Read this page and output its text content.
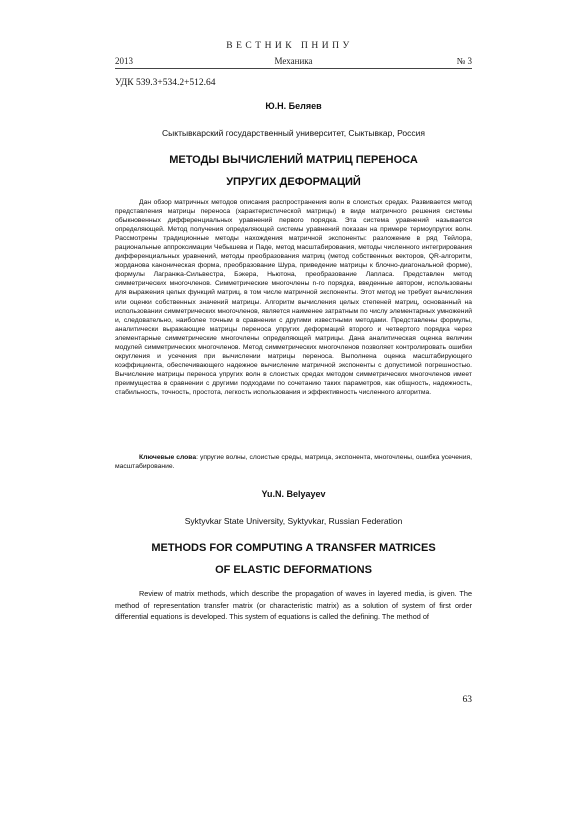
ВЕСТНИК ПНИПУ
2013	Механика	№ 3
УДК 539.3+534.2+512.64
Ю.Н. Беляев
Сыктывкарский государственный университет, Сыктывкар, Россия
МЕТОДЫ ВЫЧИСЛЕНИЙ МАТРИЦ ПЕРЕНОСА
УПРУГИХ ДЕФОРМАЦИЙ

Дан обзор матричных методов описания распространения волн в слоистых средах. Развивается метод представления матрицы переноса (характеристической матрицы) в виде матричного решения системы обыкновенных дифференциальных уравнений первого порядка. Эта система уравнений называется определяющей. Метод получения определяющей системы уравнений показан на примере термоупругих волн. Рассмотрены традиционные методы нахождения матричной экспоненты: разложение в ряд Тейлора, рациональные аппроксимации Чебышева и Паде, метод масштабирования, методы численного интегрирования дифференциальных уравнений, методы преобразования матриц (метод собственных векторов, QR-алгоритм, жорданова каноническая форма, преобразование Шура, приведение матрицы к блочно-диагональной форме), формулы Лагранжа-Сильвестра, Бэкера, Ньютона, преобразование Лапласа. Представлен метод симметрических многочленов. Симметрические многочлены n-го порядка, введенные автором, использованы для выражения целых функций матриц, в том числе матричной экспоненты. Этот метод не требует вычисления или оценки собственных значений матрицы. Алгоритм вычисления целых степеней матриц, основанный на использовании симметрических многочленов, является наименее затратным по числу элементарных умножений и, следовательно, наиболее точным в сравнении с другими известными методами. Представлены формулы, аналитически выражающие матрицы переноса упругих деформаций второго и четвертого порядка через элементарные симметрические многочлены определяющей матрицы. Дана аналитическая оценка величин модулей симметрических многочленов. Метод симметрических многочленов позволяет контролировать ошибки округления и усечения при вычислении матрицы переноса. Выполнена оценка масштабирующего коэффициента, обеспечивающего надежное вычисление матричной экспоненты с допустимой погрешностью. Вычисление матрицы переноса упругих волн в слоистых средах методом симметрических многочленов имеет преимущества в сравнении с другими подходами по сочетанию таких параметров, как общность, надежность, стабильность, точность, простота, легкость использования и эффективность численного алгоритма.

Ключевые слова: упругие волны, слоистые среды, матрица, экспонента, многочлены, ошибка усечения, масштабирование.

Yu.N. Belyayev
Syktyvkar State University, Syktyvkar, Russian Federation
METHODS FOR COMPUTING A TRANSFER MATRICES
OF ELASTIC DEFORMATIONS

Review of matrix methods, which describe the propagation of waves in layered media, is given. The method of representation transfer matrix (or characteristic matrix) as a solution of system of first order differential equations is developed. This system of equations is called the defining. The method of

63
